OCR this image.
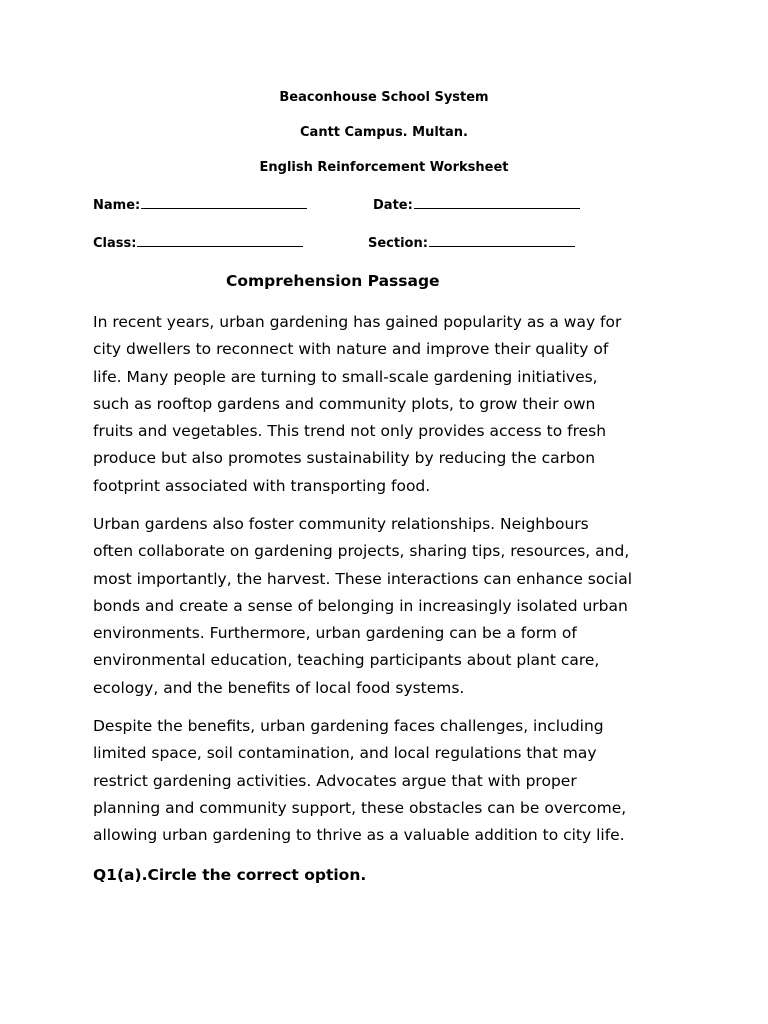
Beaconhouse School System
Cantt Campus. Multan.
English Reinforcement Worksheet
Name:	Date:
Class:	Section:
Comprehension Passage

In recent years, urban gardening has gained popularity as a way for
city dwellers to reconnect with nature and improve their quality of
life. Many people are turning to small-scale gardening initiatives,
such as rooftop gardens and community plots, to grow their own
fruits and vegetables. This trend not only provides access to fresh
produce but also promotes sustainability by reducing the carbon
footprint associated with transporting food.

Urban gardens also foster community relationships. Neighbours
often collaborate on gardening projects, sharing tips, resources, and,
most importantly, the harvest. These interactions can enhance social
bonds and create a sense of belonging in increasingly isolated urban
environments. Furthermore, urban gardening can be a form of
environmental education, teaching participants about plant care,
ecology, and the benefits of local food systems.

Despite the benefits, urban gardening faces challenges, including
limited space, soil contamination, and local regulations that may
restrict gardening activities. Advocates argue that with proper
planning and community support, these obstacles can be overcome,
allowing urban gardening to thrive as a valuable addition to city life.

Q1(a).Circle the correct option.
